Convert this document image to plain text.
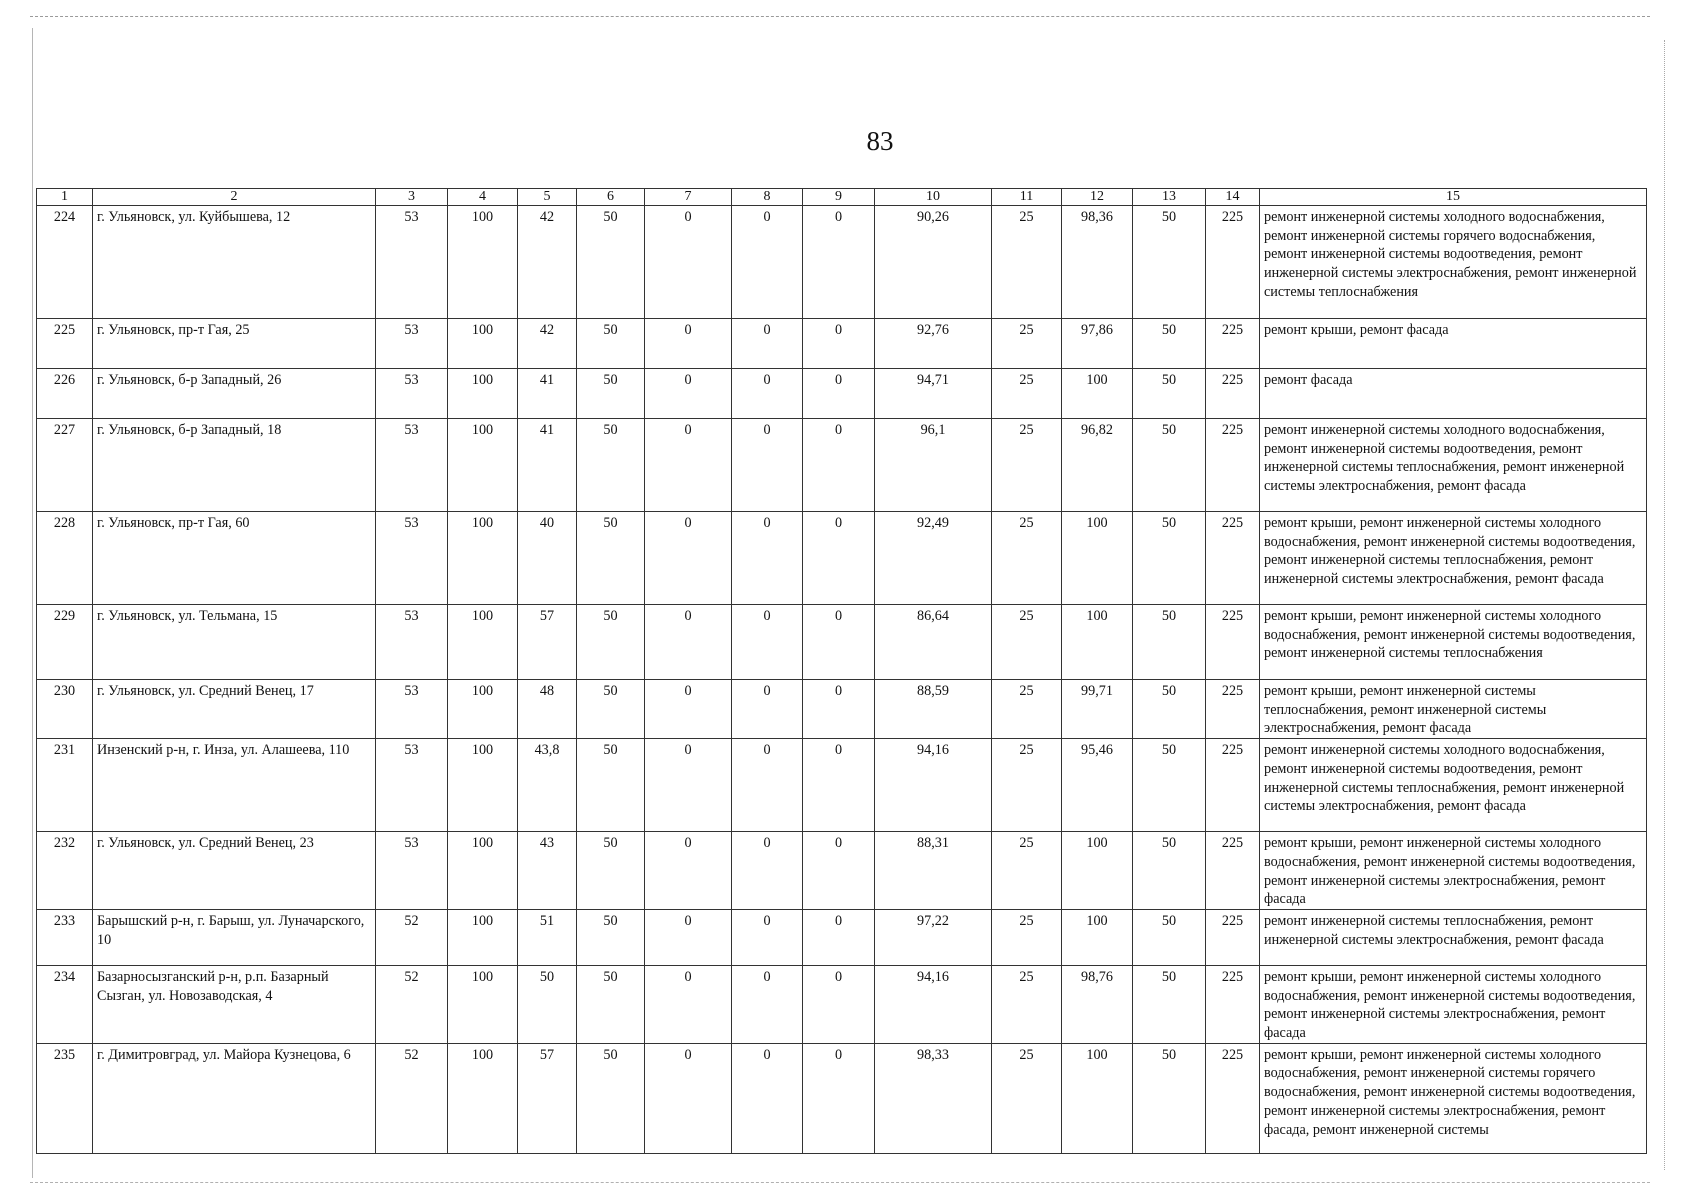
83
1	2	3	4	5	6	7	8	9	10	11	12	13	14	15
224	г. Ульяновск, ул. Куйбышева, 12	53	100	42	50	0	0	0	90,26	25	98,36	50	225	ремонт инженерной системы холодного водоснабжения, ремонт инженерной системы горячего водоснабжения, ремонт инженерной системы водоотведения, ремонт инженерной системы электроснабжения, ремонт инженерной системы теплоснабжения
225	г. Ульяновск, пр-т Гая, 25	53	100	42	50	0	0	0	92,76	25	97,86	50	225	ремонт крыши, ремонт фасада
226	г. Ульяновск, б-р Западный, 26	53	100	41	50	0	0	0	94,71	25	100	50	225	ремонт фасада
227	г. Ульяновск, б-р Западный, 18	53	100	41	50	0	0	0	96,1	25	96,82	50	225	ремонт инженерной системы холодного водоснабжения, ремонт инженерной системы водоотведения, ремонт инженерной системы теплоснабжения, ремонт инженерной системы электроснабжения, ремонт фасада
228	г. Ульяновск, пр-т Гая, 60	53	100	40	50	0	0	0	92,49	25	100	50	225	ремонт крыши, ремонт инженерной системы холодного водоснабжения, ремонт инженерной системы водоотведения, ремонт инженерной системы теплоснабжения, ремонт инженерной системы электроснабжения, ремонт фасада
229	г. Ульяновск, ул. Тельмана, 15	53	100	57	50	0	0	0	86,64	25	100	50	225	ремонт крыши, ремонт инженерной системы холодного водоснабжения, ремонт инженерной системы водоотведения, ремонт инженерной системы теплоснабжения
230	г. Ульяновск, ул. Средний Венец, 17	53	100	48	50	0	0	0	88,59	25	99,71	50	225	ремонт крыши, ремонт инженерной системы теплоснабжения, ремонт инженерной системы электроснабжения, ремонт фасада
231	Инзенский р-н, г. Инза, ул. Алашеева, 110	53	100	43,8	50	0	0	0	94,16	25	95,46	50	225	ремонт инженерной системы холодного водоснабжения, ремонт инженерной системы водоотведения, ремонт инженерной системы теплоснабжения, ремонт инженерной системы электроснабжения, ремонт фасада
232	г. Ульяновск, ул. Средний Венец, 23	53	100	43	50	0	0	0	88,31	25	100	50	225	ремонт крыши, ремонт инженерной системы холодного водоснабжения, ремонт инженерной системы водоотведения, ремонт инженерной системы электроснабжения, ремонт фасада
233	Барышский р-н, г. Барыш, ул. Луначарского, 10	52	100	51	50	0	0	0	97,22	25	100	50	225	ремонт инженерной системы теплоснабжения, ремонт инженерной системы электроснабжения, ремонт фасада
234	Базарносызганский р-н, р.п. Базарный Сызган, ул. Новозаводская, 4	52	100	50	50	0	0	0	94,16	25	98,76	50	225	ремонт крыши, ремонт инженерной системы холодного водоснабжения, ремонт инженерной системы водоотведения, ремонт инженерной системы электроснабжения, ремонт фасада
235	г. Димитровград, ул. Майора Кузнецова, 6	52	100	57	50	0	0	0	98,33	25	100	50	225	ремонт крыши, ремонт инженерной системы холодного водоснабжения, ремонт инженерной системы горячего водоснабжения, ремонт инженерной системы водоотведения, ремонт инженерной системы электроснабжения, ремонт фасада, ремонт инженерной системы
